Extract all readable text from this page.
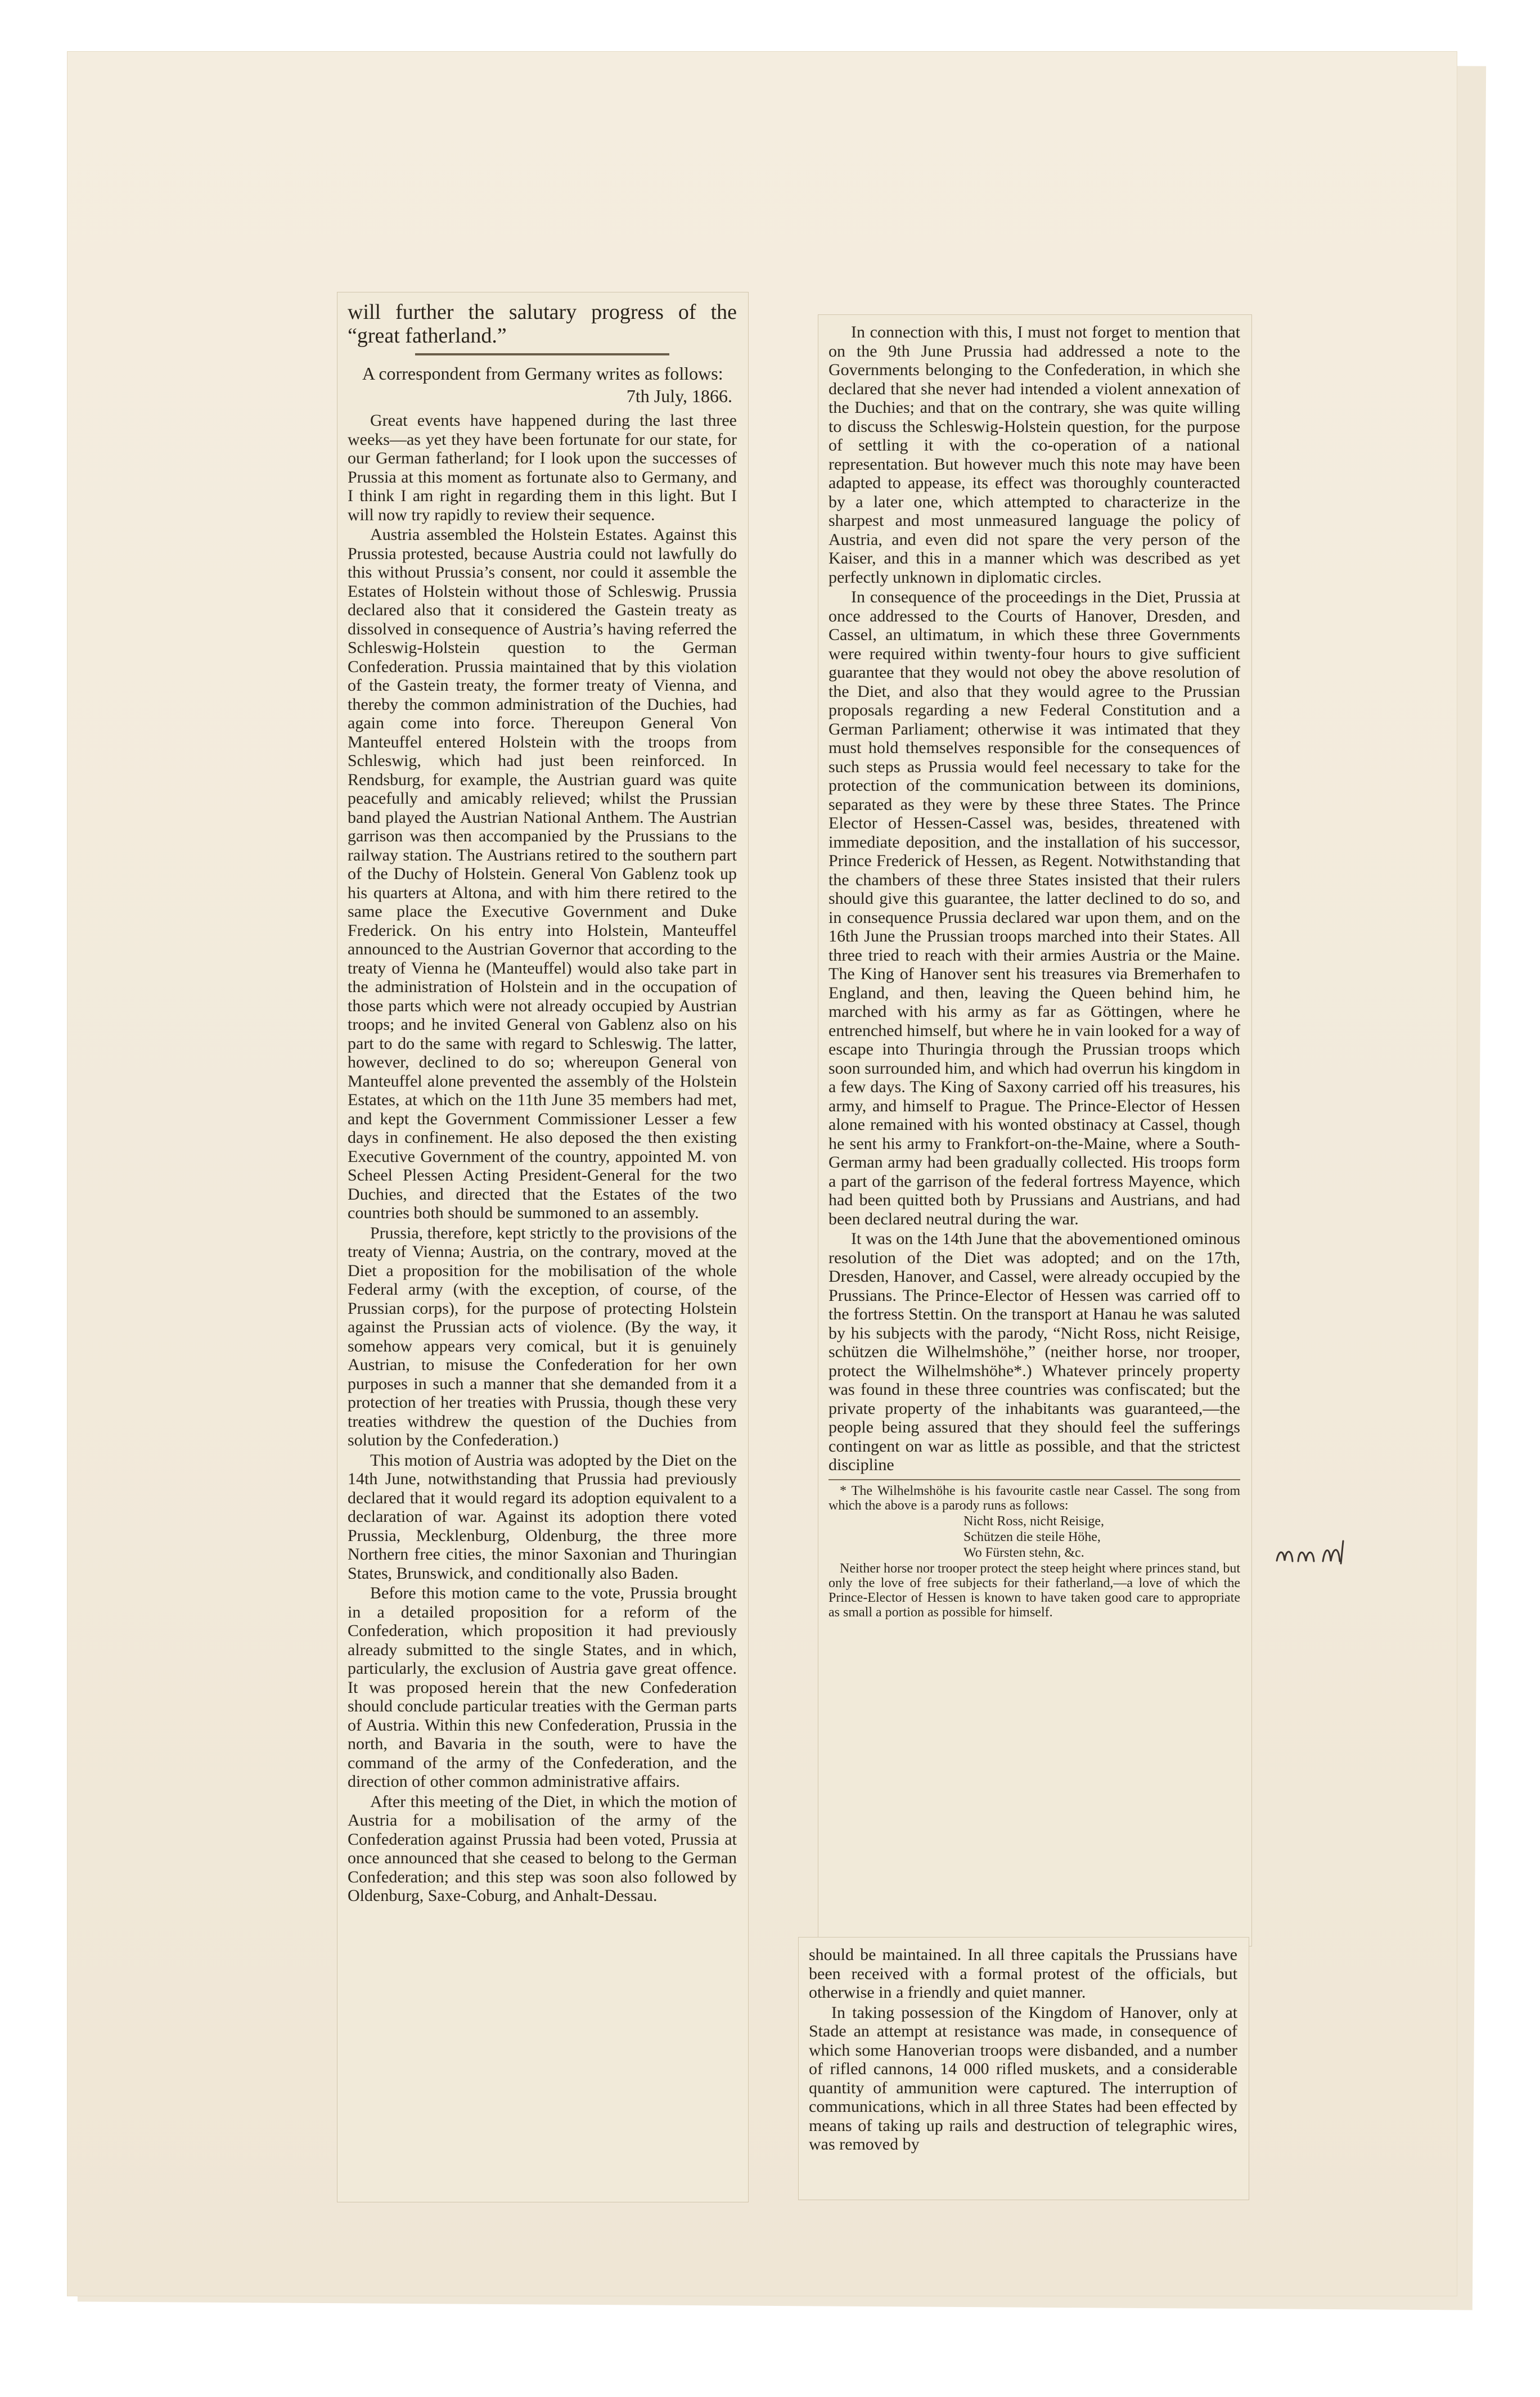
will further the salutary progress of the “great fatherland.”

A correspondent from Germany writes as follows:

7th July, 1866.

Great events have happened during the last three weeks—as yet they have been fortunate for our state, for our German fatherland; for I look upon the successes of Prussia at this moment as fortunate also to Germany, and I think I am right in regarding them in this light. But I will now try rapidly to review their sequence.

Austria assembled the Holstein Estates. Against this Prussia protested, because Austria could not lawfully do this without Prussia’s consent, nor could it assemble the Estates of Holstein without those of Schleswig. Prussia declared also that it considered the Gastein treaty as dissolved in consequence of Austria’s having referred the Schleswig-Holstein question to the German Confederation. Prussia maintained that by this violation of the Gastein treaty, the former treaty of Vienna, and thereby the common administration of the Duchies, had again come into force. Thereupon General Von Manteuffel entered Holstein with the troops from Schleswig, which had just been reinforced. In Rendsburg, for example, the Austrian guard was quite peacefully and amicably relieved; whilst the Prussian band played the Austrian National Anthem. The Austrian garrison was then accompanied by the Prussians to the railway station. The Austrians retired to the southern part of the Duchy of Holstein. General Von Gablenz took up his quarters at Altona, and with him there retired to the same place the Executive Government and Duke Frederick. On his entry into Holstein, Manteuffel announced to the Austrian Governor that according to the treaty of Vienna he (Manteuffel) would also take part in the administration of Holstein and in the occupation of those parts which were not already occupied by Austrian troops; and he invited General von Gablenz also on his part to do the same with regard to Schleswig. The latter, however, declined to do so; whereupon General von Manteuffel alone prevented the assembly of the Holstein Estates, at which on the 11th June 35 members had met, and kept the Government Commissioner Lesser a few days in confinement. He also deposed the then existing Executive Government of the country, appointed M. von Scheel Plessen Acting President-General for the two Duchies, and directed that the Estates of the two countries both should be summoned to an assembly.

Prussia, therefore, kept strictly to the provisions of the treaty of Vienna; Austria, on the contrary, moved at the Diet a proposition for the mobilisation of the whole Federal army (with the exception, of course, of the Prussian corps), for the purpose of protecting Holstein against the Prussian acts of violence. (By the way, it somehow appears very comical, but it is genuinely Austrian, to misuse the Confederation for her own purposes in such a manner that she demanded from it a protection of her treaties with Prussia, though these very treaties withdrew the question of the Duchies from solution by the Confederation.)

This motion of Austria was adopted by the Diet on the 14th June, notwithstanding that Prussia had previously declared that it would regard its adoption equivalent to a declaration of war. Against its adoption there voted Prussia, Mecklenburg, Oldenburg, the three more Northern free cities, the minor Saxonian and Thuringian States, Brunswick, and conditionally also Baden.

Before this motion came to the vote, Prussia brought in a detailed proposition for a reform of the Confederation, which proposition it had previously already submitted to the single States, and in which, particularly, the exclusion of Austria gave great offence. It was proposed herein that the new Confederation should conclude particular treaties with the German parts of Austria. Within this new Confederation, Prussia in the north, and Bavaria in the south, were to have the command of the army of the Confederation, and the direction of other common administrative affairs.

After this meeting of the Diet, in which the motion of Austria for a mobilisation of the army of the Confederation against Prussia had been voted, Prussia at once announced that she ceased to belong to the German Confederation; and this step was soon also followed by Oldenburg, Saxe-Coburg, and Anhalt-Dessau.

In connection with this, I must not forget to mention that on the 9th June Prussia had addressed a note to the Governments belonging to the Confederation, in which she declared that she never had intended a violent annexation of the Duchies; and that on the contrary, she was quite willing to discuss the Schleswig-Holstein question, for the purpose of settling it with the co-operation of a national representation. But however much this note may have been adapted to appease, its effect was thoroughly counteracted by a later one, which attempted to characterize in the sharpest and most unmeasured language the policy of Austria, and even did not spare the very person of the Kaiser, and this in a manner which was described as yet perfectly unknown in diplomatic circles.

In consequence of the proceedings in the Diet, Prussia at once addressed to the Courts of Hanover, Dresden, and Cassel, an ultimatum, in which these three Governments were required within twenty-four hours to give sufficient guarantee that they would not obey the above resolution of the Diet, and also that they would agree to the Prussian proposals regarding a new Federal Constitution and a German Parliament; otherwise it was intimated that they must hold themselves responsible for the consequences of such steps as Prussia would feel necessary to take for the protection of the communication between its dominions, separated as they were by these three States. The Prince Elector of Hessen-Cassel was, besides, threatened with immediate deposition, and the installation of his successor, Prince Frederick of Hessen, as Regent. Notwithstanding that the chambers of these three States insisted that their rulers should give this guarantee, the latter declined to do so, and in consequence Prussia declared war upon them, and on the 16th June the Prussian troops marched into their States. All three tried to reach with their armies Austria or the Maine. The King of Hanover sent his treasures via Bremerhafen to England, and then, leaving the Queen behind him, he marched with his army as far as Göttingen, where he entrenched himself, but where he in vain looked for a way of escape into Thuringia through the Prussian troops which soon surrounded him, and which had overrun his kingdom in a few days. The King of Saxony carried off his treasures, his army, and himself to Prague. The Prince-Elector of Hessen alone remained with his wonted obstinacy at Cassel, though he sent his army to Frankfort-on-the-Maine, where a South-German army had been gradually collected. His troops form a part of the garrison of the federal fortress Mayence, which had been quitted both by Prussians and Austrians, and had been declared neutral during the war.

It was on the 14th June that the abovementioned ominous resolution of the Diet was adopted; and on the 17th, Dresden, Hanover, and Cassel, were already occupied by the Prussians. The Prince-Elector of Hessen was carried off to the fortress Stettin. On the transport at Hanau he was saluted by his subjects with the parody, “Nicht Ross, nicht Reisige, schützen die Wilhelmshöhe,” (neither horse, nor trooper, protect the Wilhelmshöhe*.) Whatever princely property was found in these three countries was confiscated; but the private property of the inhabitants was guaranteed,—the people being assured that they should feel the sufferings contingent on war as little as possible, and that the strictest discipline

* The Wilhelmshöhe is his favourite castle near Cassel. The song from which the above is a parody runs as follows:

Nicht Ross, nicht Reisige,

Schützen die steile Höhe,

Wo Fürsten stehn, &c.

Neither horse nor trooper protect the steep height where princes stand, but only the love of free subjects for their fatherland,—a love of which the Prince-Elector of Hessen is known to have taken good care to appropriate as small a portion as possible for himself.

should be maintained. In all three capitals the Prussians have been received with a formal protest of the officials, but otherwise in a friendly and quiet manner.

In taking possession of the Kingdom of Hanover, only at Stade an attempt at resistance was made, in consequence of which some Hanoverian troops were disbanded, and a number of rifled cannons, 14 000 rifled muskets, and a considerable quantity of ammunition were captured. The interruption of communications, which in all three States had been effected by means of taking up rails and destruction of telegraphic wires, was removed by
